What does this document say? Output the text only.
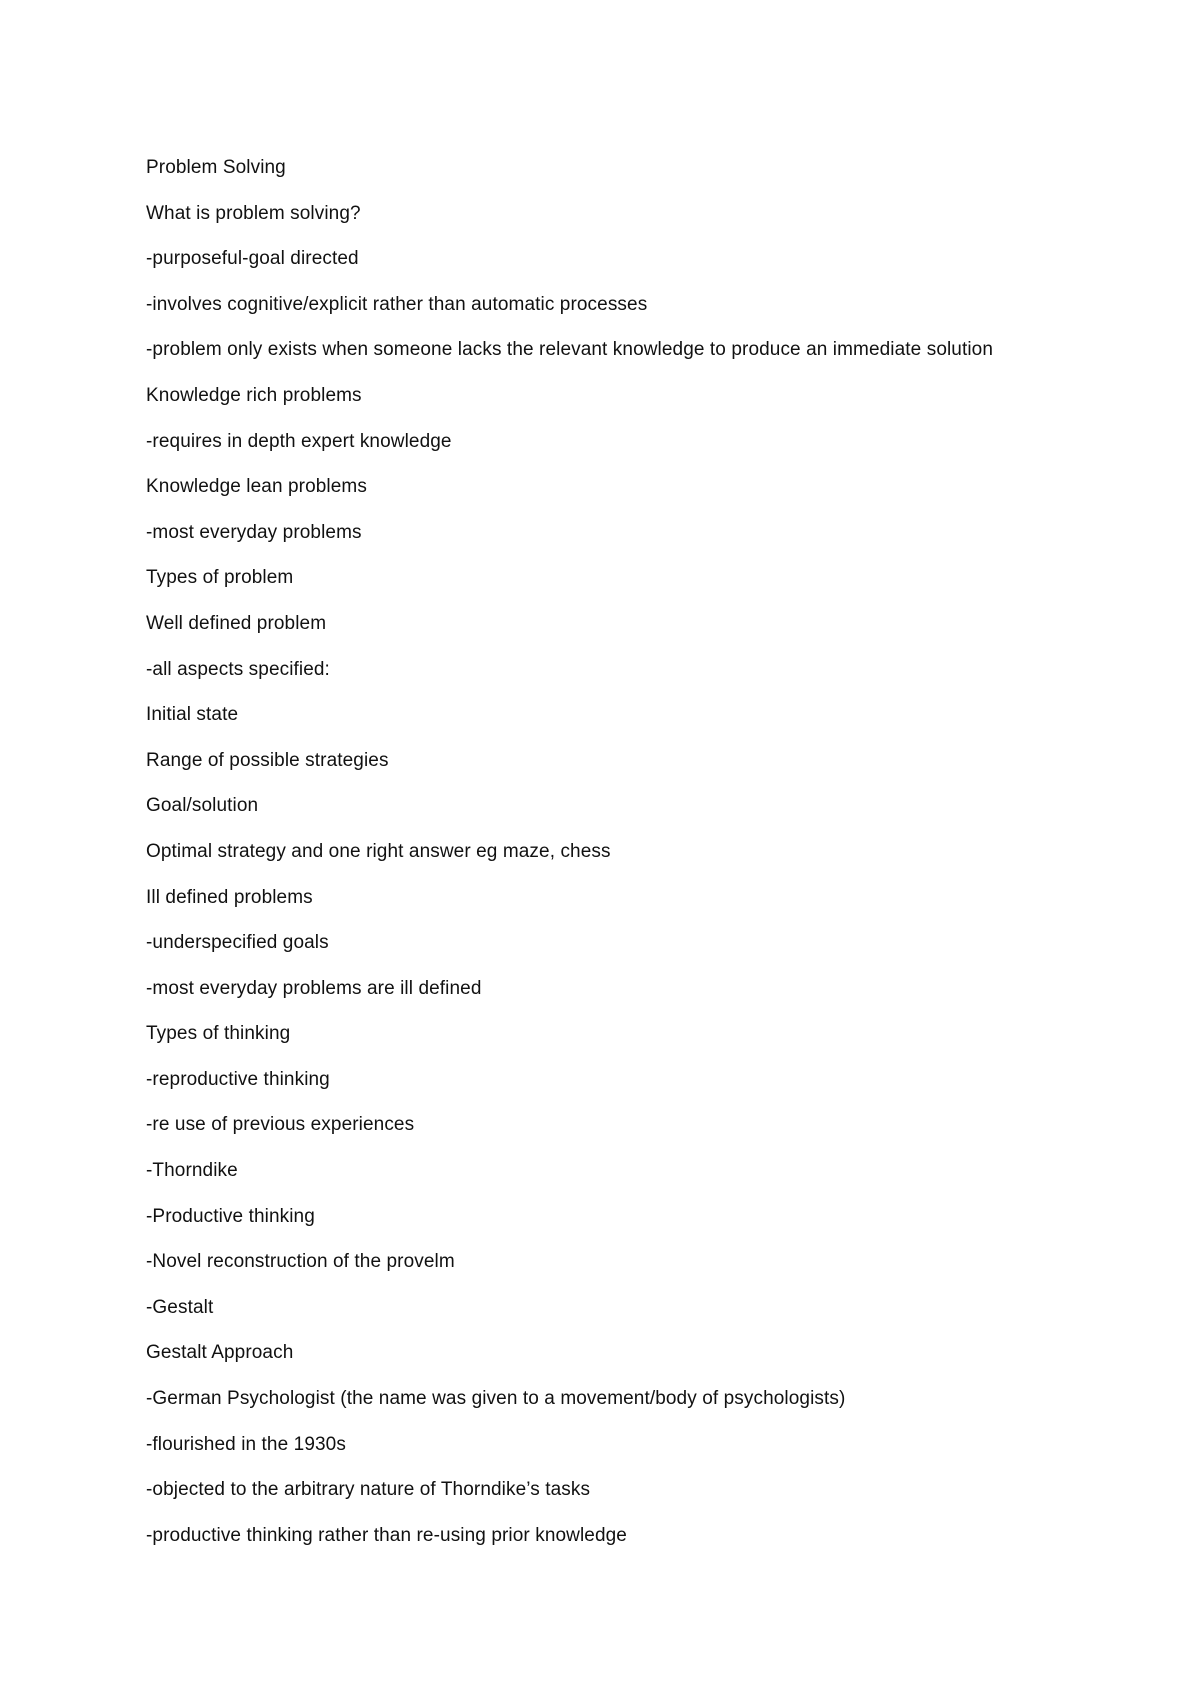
Problem Solving
What is problem solving?
-purposeful-goal directed
-involves cognitive/explicit rather than automatic processes
-problem only exists when someone lacks the relevant knowledge to produce an immediate solution
Knowledge rich problems
-requires in depth expert knowledge
Knowledge lean problems
-most everyday problems
Types of problem
Well defined problem
-all aspects specified:
Initial state
Range of possible strategies
Goal/solution
Optimal strategy and one right answer eg maze, chess
Ill defined problems
-underspecified goals
-most everyday problems are ill defined
Types of thinking
-reproductive thinking
-re use of previous experiences
-Thorndike
-Productive thinking
-Novel reconstruction of the provelm
-Gestalt
Gestalt Approach
-German Psychologist (the name was given to a movement/body of psychologists)
-flourished in the 1930s
-objected to the arbitrary nature of Thorndike’s tasks
-productive thinking rather than re-using prior knowledge
